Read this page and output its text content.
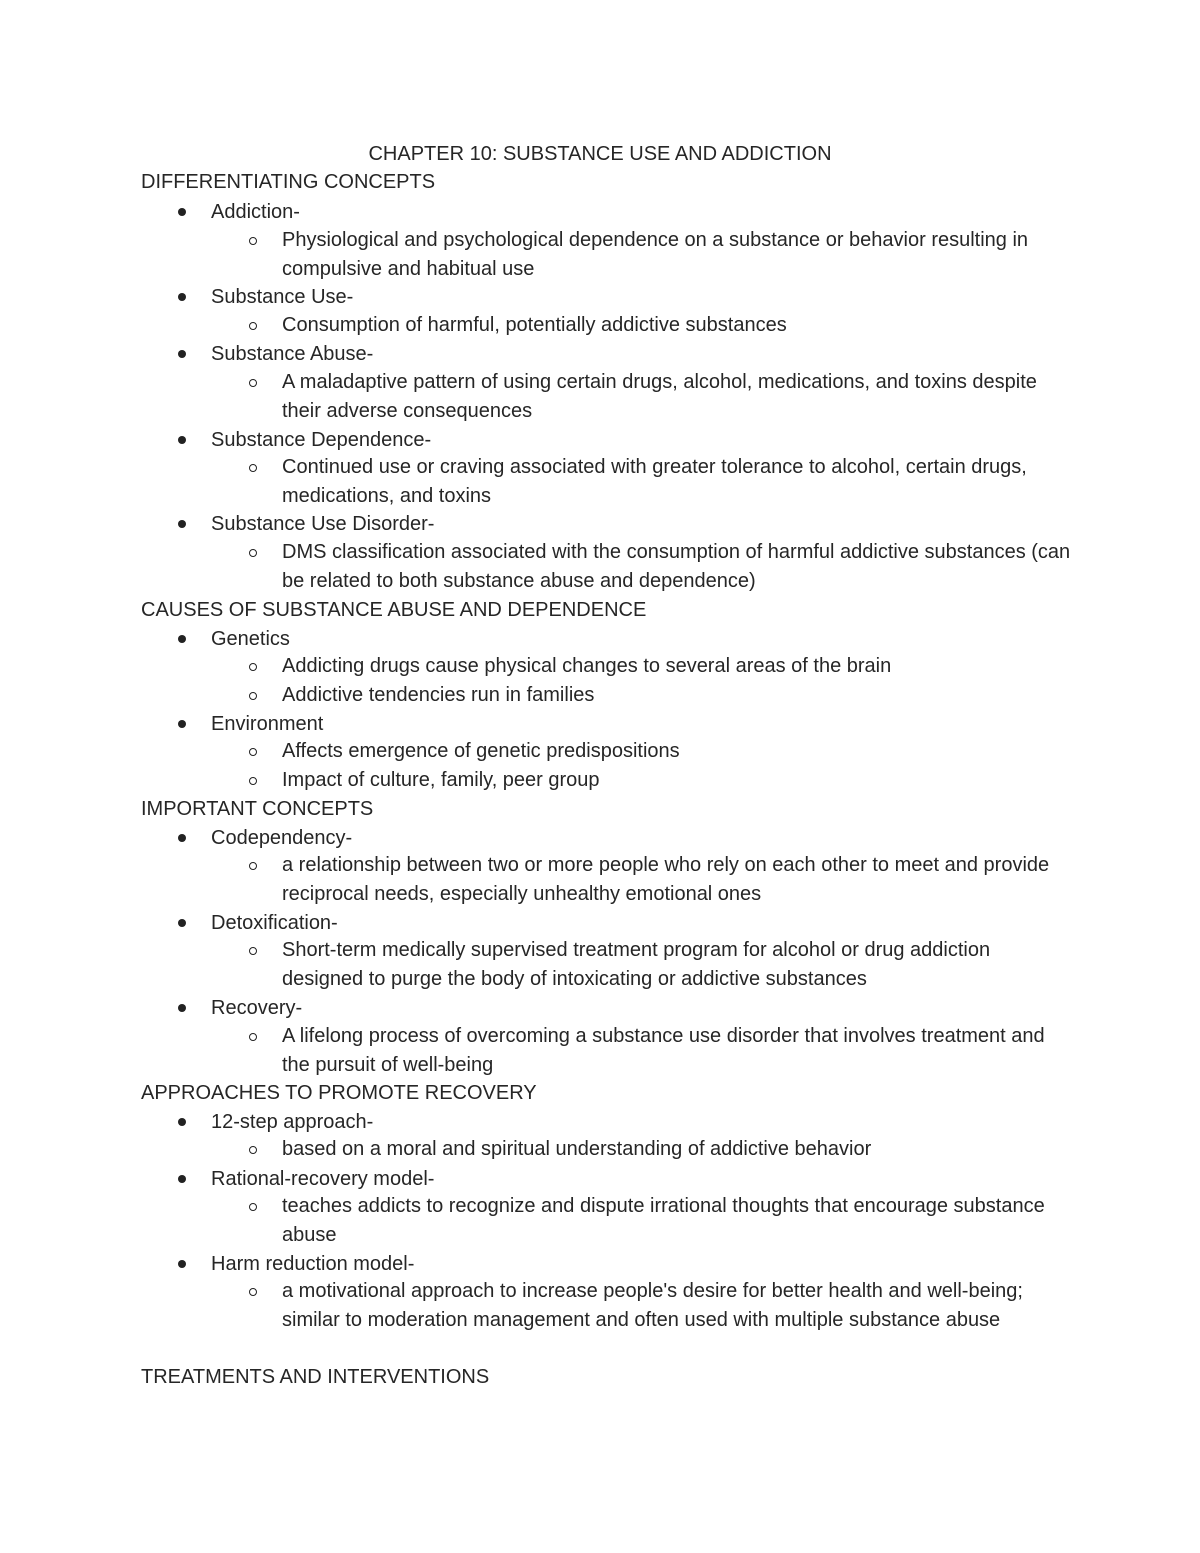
CHAPTER 10: SUBSTANCE USE AND ADDICTION
DIFFERENTIATING CONCEPTS
Addiction-
Physiological and psychological dependence on a substance or behavior resulting in compulsive and habitual use
Substance Use-
Consumption of harmful, potentially addictive substances
Substance Abuse-
A maladaptive pattern of using certain drugs, alcohol, medications, and toxins despite their adverse consequences
Substance Dependence-
Continued use or craving associated with greater tolerance to alcohol, certain drugs, medications, and toxins
Substance Use Disorder-
DMS classification associated with the consumption of harmful addictive substances (can be related to both substance abuse and dependence)
CAUSES OF SUBSTANCE ABUSE AND DEPENDENCE
Genetics
Addicting drugs cause physical changes to several areas of the brain
Addictive tendencies run in families
Environment
Affects emergence of genetic predispositions
Impact of culture, family, peer group
IMPORTANT CONCEPTS
Codependency-
a relationship between two or more people who rely on each other to meet and provide reciprocal needs, especially unhealthy emotional ones
Detoxification-
Short-term medically supervised treatment program for alcohol or drug addiction designed to purge the body of intoxicating or addictive substances
Recovery-
A lifelong process of overcoming a substance use disorder that involves treatment and the pursuit of well-being
APPROACHES TO PROMOTE RECOVERY
12-step approach-
based on a moral and spiritual understanding of addictive behavior
Rational-recovery model-
teaches addicts to recognize and dispute irrational thoughts that encourage substance abuse
Harm reduction model-
a motivational approach to increase people's desire for better health and well-being; similar to moderation management and often used with multiple substance abuse
TREATMENTS AND INTERVENTIONS
